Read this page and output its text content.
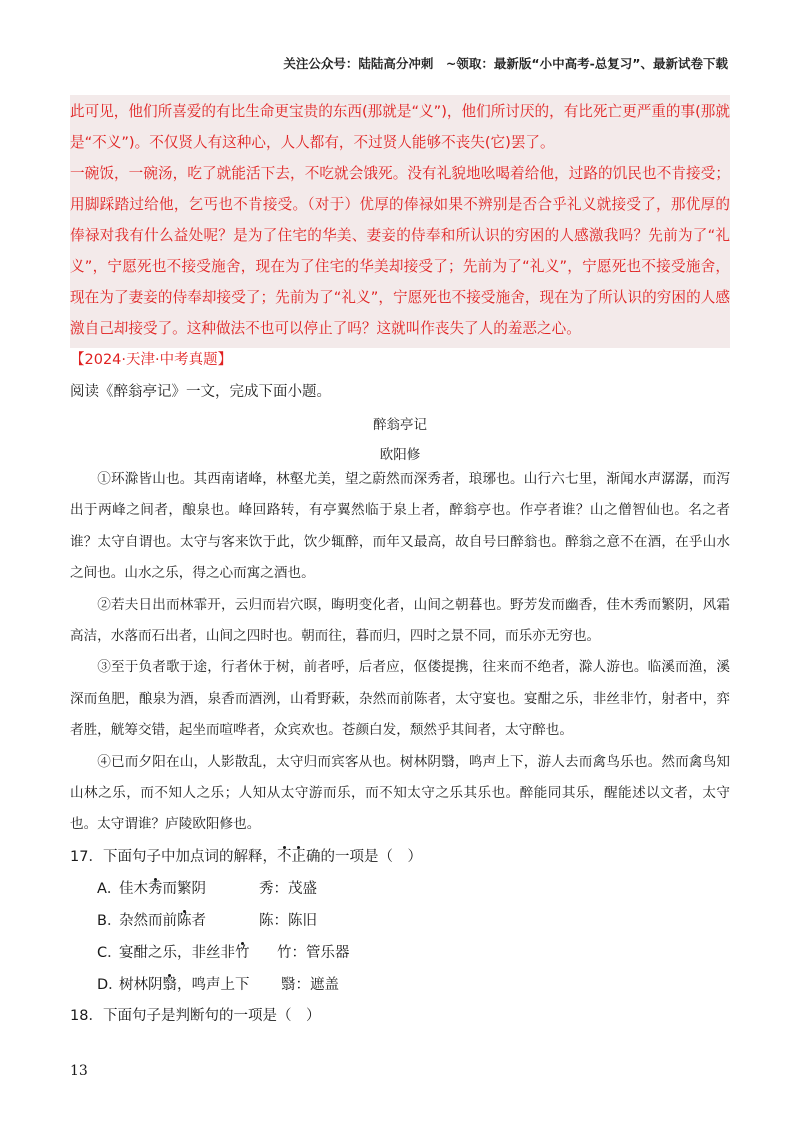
关注公众号：陆陆高分冲刺　~领取：最新版“小中高考-总复习”、最新试卷下载

此可见，他们所喜爱的有比生命更宝贵的东西(那就是“义”)，他们所讨厌的，有比死亡更严重的事(那就是“不义”)。不仅贤人有这种心，人人都有，不过贤人能够不丧失(它)罢了。

一碗饭，一碗汤，吃了就能活下去，不吃就会饿死。没有礼貌地吆喝着给他，过路的饥民也不肯接受；用脚踩踏过给他，乞丐也不肯接受。（对于）优厚的俸禄如果不辨别是否合乎礼义就接受了，那优厚的俸禄对我有什么益处呢？是为了住宅的华美、妻妾的侍奉和所认识的穷困的人感激我吗？先前为了“礼义”，宁愿死也不接受施舍，现在为了住宅的华美却接受了；先前为了“礼义”，宁愿死也不接受施舍，现在为了妻妾的侍奉却接受了；先前为了“礼义”，宁愿死也不接受施舍，现在为了所认识的穷困的人感激自己却接受了。这种做法不也可以停止了吗？这就叫作丧失了人的羞恶之心。

【2024·天津·中考真题】
阅读《醉翁亭记》一文，完成下面小题。
醉翁亭记
欧阳修

①环滁皆山也。其西南诸峰，林壑尤美，望之蔚然而深秀者，琅琊也。山行六七里，渐闻水声潺潺，而泻出于两峰之间者，酿泉也。峰回路转，有亭翼然临于泉上者，醉翁亭也。作亭者谁？山之僧智仙也。名之者谁？太守自谓也。太守与客来饮于此，饮少辄醉，而年又最高，故自号曰醉翁也。醉翁之意不在酒，在乎山水之间也。山水之乐，得之心而寓之酒也。

②若夫日出而林霏开，云归而岩穴暝，晦明变化者，山间之朝暮也。野芳发而幽香，佳木秀而繁阴，风霜高洁，水落而石出者，山间之四时也。朝而往，暮而归，四时之景不同，而乐亦无穷也。

③至于负者歌于途，行者休于树，前者呼，后者应，伛偻提携，往来而不绝者，滁人游也。临溪而渔，溪深而鱼肥，酿泉为酒，泉香而酒洌，山肴野蔌，杂然而前陈者，太守宴也。宴酣之乐，非丝非竹，射者中，弈者胜，觥筹交错，起坐而喧哗者，众宾欢也。苍颜白发，颓然乎其间者，太守醉也。

④已而夕阳在山，人影散乱，太守归而宾客从也。树林阴翳，鸣声上下，游人去而禽鸟乐也。然而禽鸟知山林之乐，而不知人之乐；人知从太守游而乐，而不知太守之乐其乐也。醉能同其乐，醒能述以文者，太守也。太守谓谁？庐陵欧阳修也。

17．下面句子中加点词的解释，不正确的一项是（　）
A．佳木秀而繁阴	秀：茂盛
B．杂然而前陈者	陈：陈旧
C．宴酣之乐，非丝非竹 竹：管乐器
D．树林阴翳，鸣声上下 翳：遮盖
18．下面句子是判断句的一项是（　）
13
